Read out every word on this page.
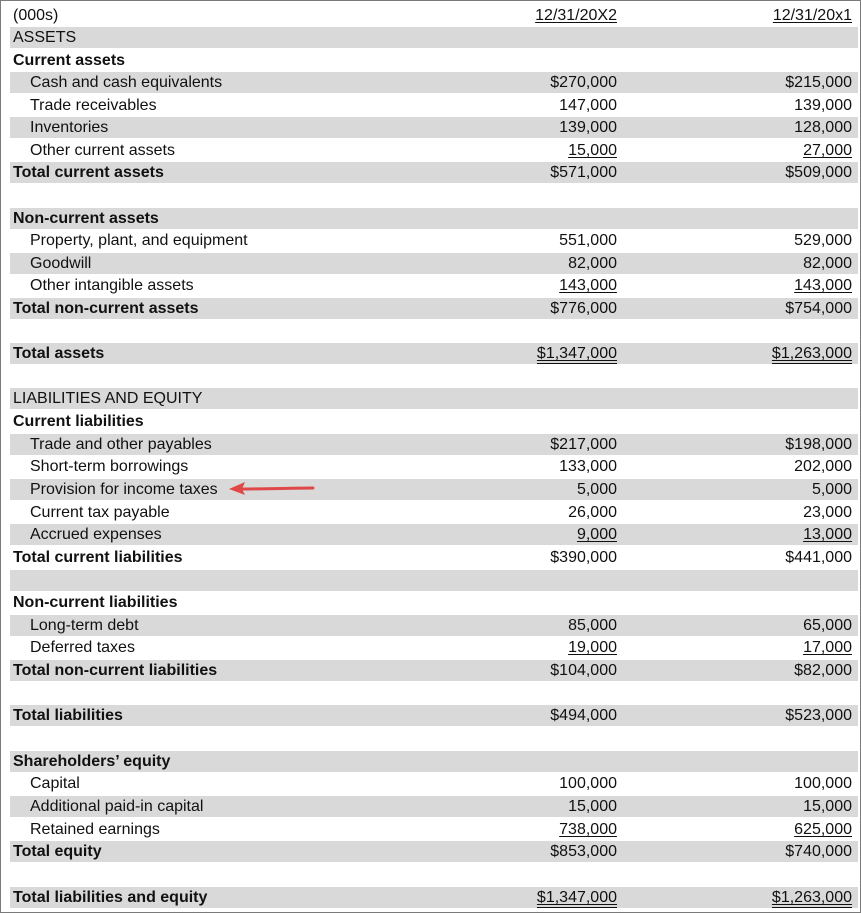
(000s)	12/31/20X2	12/31/20x1
ASSETS
Current assets
Cash and cash equivalents	$270,000	$215,000
Trade receivables	147,000	139,000
Inventories	139,000	128,000
Other current assets	15,000	27,000
Total current assets	$571,000	$509,000
Non-current assets
Property, plant, and equipment	551,000	529,000
Goodwill	82,000	82,000
Other intangible assets	143,000	143,000
Total non-current assets	$776,000	$754,000
Total assets	$1,347,000	$1,263,000
LIABILITIES AND EQUITY
Current liabilities
Trade and other payables	$217,000	$198,000
Short-term borrowings	133,000	202,000
Provision for income taxes	5,000	5,000
Current tax payable	26,000	23,000
Accrued expenses	9,000	13,000
Total current liabilities	$390,000	$441,000
Non-current liabilities
Long-term debt	85,000	65,000
Deferred taxes	19,000	17,000
Total non-current liabilities	$104,000	$82,000
Total liabilities	$494,000	$523,000
Shareholders’ equity
Capital	100,000	100,000
Additional paid-in capital	15,000	15,000
Retained earnings	738,000	625,000
Total equity	$853,000	$740,000
Total liabilities and equity	$1,347,000	$1,263,000
